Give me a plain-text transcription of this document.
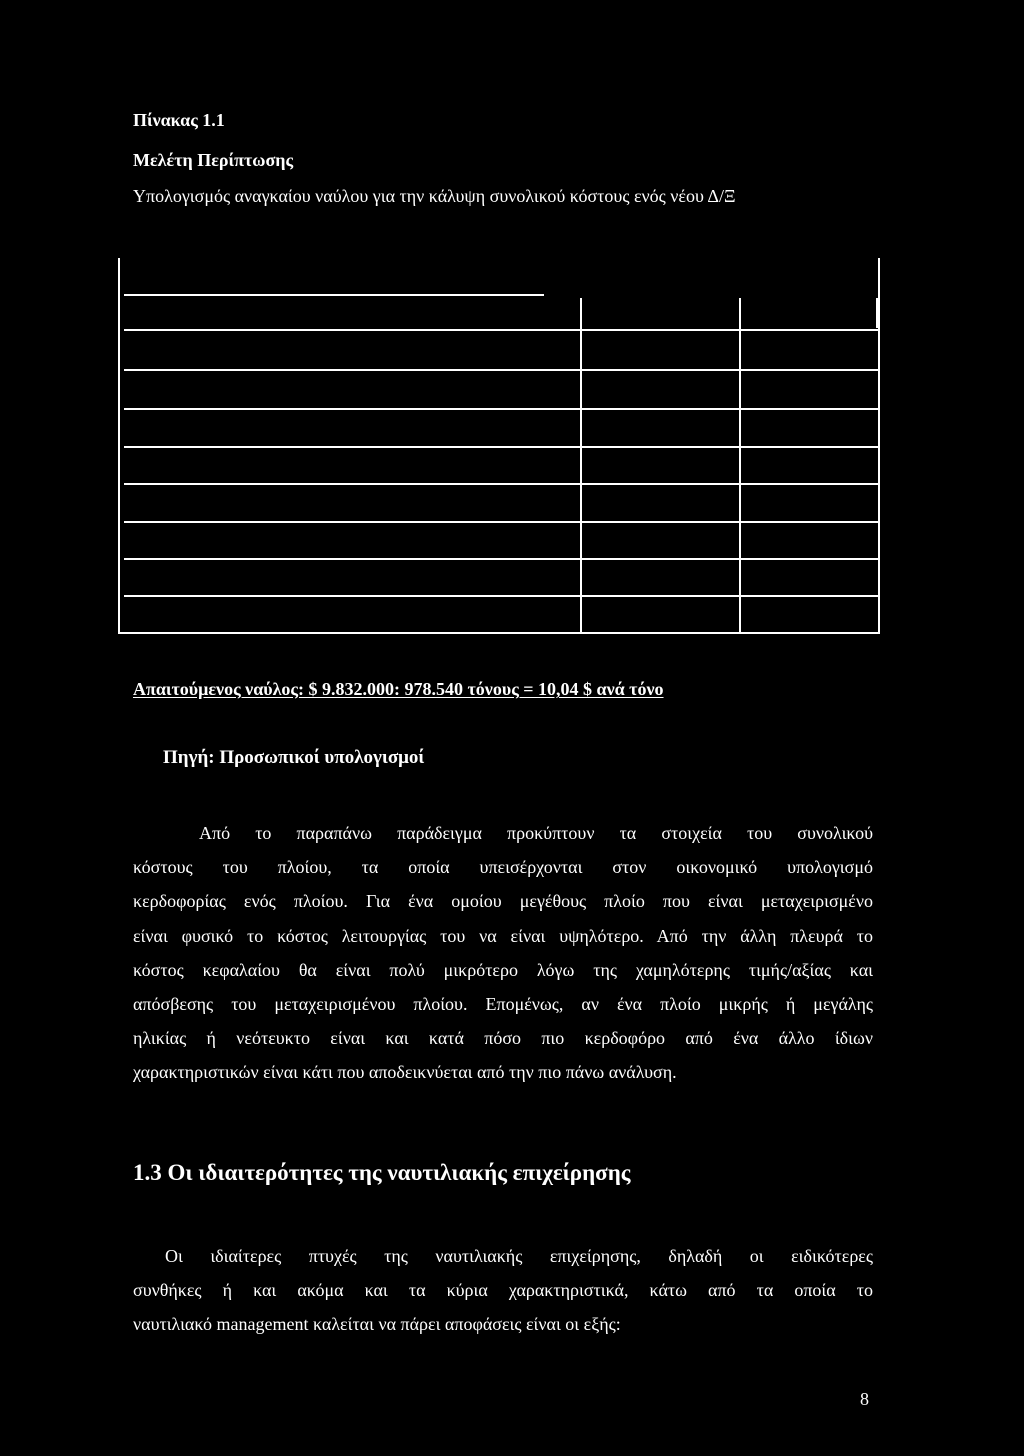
Πίνακας 1.1
Μελέτη Περίπτωσης
Υπολογισμός αναγκαίου ναύλου για την κάλυψη συνολικού κόστους ενός νέου Δ/Ξ
Απαιτούμενος ναύλος: $ 9.832.000: 978.540 τόνους = 10,04 $ ανά τόνο
Πηγή: Προσωπικοί υπολογισμοί
Από το παραπάνω παράδειγμα προκύπτουν τα στοιχεία του συνολικού
κόστους του πλοίου, τα οποία υπεισέρχονται στον οικονομικό υπολογισμό
κερδοφορίας ενός πλοίου. Για ένα ομοίου μεγέθους πλοίο που είναι μεταχειρισμένο
είναι φυσικό το κόστος λειτουργίας του να είναι υψηλότερο. Από την άλλη πλευρά το
κόστος κεφαλαίου θα είναι πολύ μικρότερο λόγω της χαμηλότερης τιμής/αξίας και
απόσβεσης του μεταχειρισμένου πλοίου. Επομένως, αν ένα πλοίο μικρής ή μεγάλης
ηλικίας ή νεότευκτο είναι και κατά πόσο πιο κερδοφόρο από ένα άλλο ίδιων
χαρακτηριστικών είναι κάτι που αποδεικνύεται από την πιο πάνω ανάλυση.
1.3 Οι ιδιαιτερότητες της ναυτιλιακής επιχείρησης
Οι ιδιαίτερες πτυχές της ναυτιλιακής επιχείρησης, δηλαδή οι ειδικότερες
συνθήκες ή και ακόμα και τα κύρια χαρακτηριστικά, κάτω από τα οποία το
ναυτιλιακό management καλείται να πάρει αποφάσεις είναι οι εξής:
8
